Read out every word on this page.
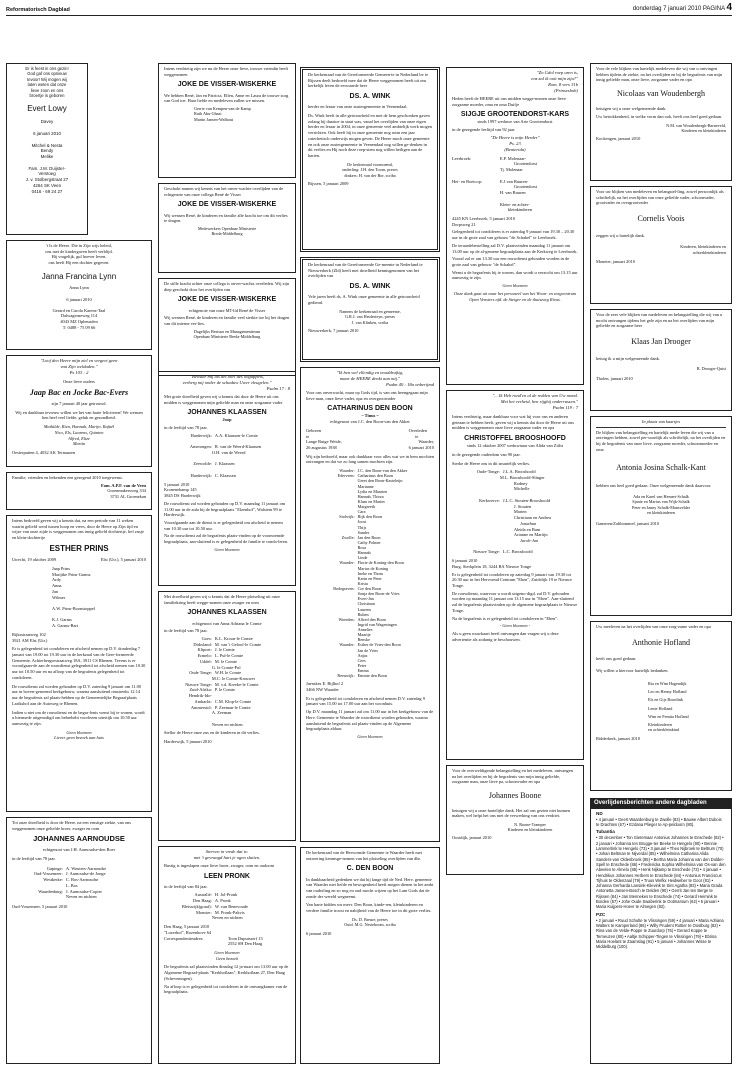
Reformatorisch Dagblad	donderdag 7 januari 2010 PAGINA 4
Er is feest in ons gezin!
God gaf ons opnieuw
tevoor! Wij mogen wij
laten weten dat onze
lieve zoon en ons
broertje is geboren
Evert Lowy
Davey
6 januari 2010
Mitchel & Nesta
Bendy
Melike
Fam. J.M. Duijster-
Verstoeg
J. v. Stolbergstraat 27
4264 SK Veen
0416 - 69 24 27
't Is de Heere. Die in Zijn wijs beleid,
ons met de kindergaven heeft verblijd.
Hij vragelijk, gul hoever leven,
ons heeft Hij een dochter gegeven.
Janna Francina Lynn
Anna Lynn
6 januari 2010
Gerard en Carola Karens-Taal
Dalwagenseweg 114
4043 MZ Opheusden
T: 0488 - 75 09 66
"Loof den Heere mijn ziel en vergeet geen
van Zijn weldaden."
Ps 103 : 2
Onze lieve ouders
Jaap Bac en Jocke Bac-Evers
zijn 7 januari 40 jaar getrouwd.
Wij en dankbaar tevreuw willen we het van harte feliciteren! We wensen hen heel veel liefde, geluk en gezondheid.
Mathilde, Rien, Hannah, Marijn, Rafaël
Nico, Els, Laurens, Quinten
Alfred, Elize
Martin
Oesterputten 4, 4032 AK Ternauzen
Familie, vrienden en bekenden een gezegend 2010 toegewenst.
Fam. A.P.F. van de Veen
Groenmakersweg 334
3731 AL Groenekan
Intens bedroefd geven wij u kennis dat, na een periode van 11 weken waarin geliefd werd tussen hoop en vrees, door de Heere op Zijn tijd en wijze van onze zijde is weggenomen ons innig geliefd dochtertje, lief zusje en klein-dochtertje
ESTHER PRINS
Utrecht, 19 oktober 2009	Elst (Utr.), 5 januari 2010
Jaap Prins
Marijtke Prins-Garms
Ardy
Anna
Jan
Wilmer

A.W. Prins-Boonstoppel

K.J. Garms
A. Garms-Bart
Rijksstraatweg 102
3921 AM Elst (Utr.)
Er is gelegenheid tot condoleren en afscheid nemen op D.V. donderdag 7 januari van 19.00 tot 19.30 uur in de kerkzaal van de Gere-formeerde Gemeente, Achterbergsestraatweg 18A, 3911 CS Rhenen. Tevens is er voorafgaan-de aan de rouwdienst gelegenheid tot afscheid nemen van 10.30 uur tot 10.50 uur en na afloop van de begrafenis gelegenheid tot condoleren.
De rouwdienst zal worden gehouden op D.V. zaterdag 9 januari om 11.00 uur in boven-genoemd kerkgebouw, waarna aansluitend omstreeks 12.14 uur de begrafenis zal plaats-hebben op de Gemeentelijke Begraafplaats Larikshof aan de Autoweg te Rhenen.
Indien u niet om de rouwdienst en de begra-fenis wenst bij te wonen, wordt u hiermede uitgenodigd om bebrehebt voorlezen uitertijk om 10.50 uur aanwezig te zijn.
Geen bloemen
Liever geen bezoek aan huis
Tot onze droefheid is door de Heere, na een ernstige ziekte, van ons weggenomen onze geliefde broer, zwager en oom
JOHANNES AARNOUDSE
echtgenoot van J.H. Aarnoudse-den Boer
in de leeftijd van 78 jaar.
Gapinge: A. Wouters-Aarnoudse
Oud-Vossemeer: J. Aarnoudse-de Jonge
Westkerke: C. Bos-Aarnoudse
L. Bos
Waardenburg: J. Aarnoudse-Copier
Neven en nichten
Oud-Vossemeer, 5 januari 2010
Intens verdrietig zijn we nu de Heere onze lieve, trouwe vriendin heeft weggenomen
JOKE DE VISSER-WISKERKE
We hebben René, Jan en Patricia, Ellen, Anne en Laura de trouwe zorg van God toe. Haar liefde en medeleven zullen we missen.
Gerrie van Kempen-van de Kamp
Ruth Abu-Ghazi
Martin Jansen-Walhout
Geschokt namen wij kennis van het onver-wachte overlijden van de echtgenote van onze collega René de Visser
JOKE DE VISSER-WISKERKE
Wij wensen René, de kinderen en familie alle kracht toe om dit verlies te dragen.
Medewerkers Openbaar Ministerie
Breda-Middelburg
De stille kracht achter onze collega is onver-wachts overleden. Wij zijn diep geschokt door het overlijden van
JOKE DE VISSER-WISKERKE
echtgenote van onze MT-lid René de Visser
Wij wensen René, de kinderen en familie veel sterkte toe bij het dragen van dit intense ver-lies.
Dagelijks Bestuur en Managementteam
Openbaar Ministerie Breda-Middelburg
"Bewaar mij als het oorl des oogappels,
verberg mij onder de schaduw Uwer vleugelen."
Psalm 17 : 8
Met grote droefheid geven wij u kennis dat door de Heere uit ons midden is weggenomen mijn geliefde man en onze zorgzame vader
JOHANNES KLAASSEN
Joop
in de leeftijd van 78 jaar.
Harderwijk: A.A. Klaassen-le Comte

Amerongen: R. van de Weerd-Klaassen
O.H. van de Weerd

Zeewolde: J. Klaassen

Harderwijk: C. Klaassen
5 januari 2010
Kronenekamp 145
3845 DS Harderwijk
De rouwdienst zal worden gehouden op D.V. maandag 11 januari om 11.00 uur in de aula bij de begraafplaats "Elzenhof", Walstein 99 te Harderwijk.
Voorafgaande aan de dienst is er gelegenheid om afscheid te nemen van 10.30 uur tot 10.50 uur.
Na de rouwdienst zal de begrafenis plaats-vinden op de voornoemde begraafplaats, aan-sluitend is er gelegenheid de familie te condo-leren.
Geen bloemen
Met droefheid geven wij u kennis dat de Heere plotseling uit onze familiekring heeft wegge-nomen onze zwager en oom
JOHANNES KLAASSEN
echtgenoot van Anna Adriana le Comte
in de leeftijd van 78 jaar.
Goes: K.L. Kroon-le Comte
Dirksland: M. van 't Geloof-le Comte
Klipoet: J. le Comte
Ermelo: L. Pul-le Comte
Uddel: M. le Comte
G. le Comte-Pul
Oude Tonge: W.H. le Comte
M.C. le Comte-Krouwer
Nieuwe Tonge: M. v.d. Kreeke-le Comte
Zuid-Afrika: P. le Comte
Hendrik-Ido-
Ambacht: C.M. Klop-le Comte
Ammerstol: P. Zeeman-le Comte
A. Zeeman

Neven en nichten
Stellor de Heere onze zus en de kinderen in dit verlies.
Harderwijk, 5 januari 2010
Sterven in vrede dat is:
met 't gevraagd hart je ogen sluiten.
Bustig is ingeslapen onze lieve broer, zwager, oom en oudoom
LEEN PRONK
in de leeftijd van 84 jaar.
Australië: H. Jol-Pronk
Den Haag: A. Pronk
Bleiswijk(graaf): W. van Benevoude
Monster: M. Pronk-Pakvis
Neven en nichten
Den Haag, 5 januari 2010
"Lozerhof", Rozenhove 64
Correspondentieadres:	Toon Dupuisserf 15
2552 SH Den Haag
Geen bloemen
Geen bezoek
De begrafenis zal plaatsvinden dinsdag 12 ja-nuari om 13.00 uur op de Algemene Begraaf-plaats "Kerkhoflaan", Kerkhoflaan 27, Den Haag (Scheveningen).
Na afloop is er gelegenheid tot condoleren in de ontvangkamer van de begraafplaats.
De kerkenraad van de Gereformeerde Gemeen-te in Nederland bv te Rijssen deelt bedroefd mee dat de Heere weggenomen heeft uit ons kerkelijk leven de eerwaarde heer
DS. A. WINK
herder en leraar van onze zustergemeente in Veenendaal.
Ds. Wink heeft in alle getrouwheid en met de hem geschonken gaven zolang hij daartoe in staat was, vanaf het overlijden van onze eigen herder en leraar in 2004, in onze gemeente veel ambtelijk werk mogen verrichten. Ook heeft hij in onze gemeente nog ruim een jaar catechetisch onderwijs mogen geven. De Heere moch onze gemeente en ook onze zustergemeente in Veenendaal nog willen ge-denken in dit verlies en Hij noch deze roep-stem nog willen heiligen aan de harten.
De kerkenraad voornoemd,
onderling: J.H. den Toorn, preses
dinkers: H. van der Bor, scriba
Rijssen, 5 januari 2009
De kerkenraad van de Gereformeerde Ge-meente in Nederland te Nieuwerkerk (Zld) heeft met droefheid kennisgenomen van het overlijden van
DS. A. WINK
Vele jaren heeft ds. A. Wink onze gemeente in alle getrouwheid gediend.
Namens de kerkenraad en gemeente,
G.R.J. van Heulesteyn, preses
J. van Klinken, scriba
Nieuwerkerk, 7 januari 2010
"Ik ben wel ellendig en nooddruftig,
maar de HEERE denkt aan mij."
Psalm 40 : 18a onberijmd
Voor ons onverwacht, maar op Gods tijd, is van ons heengegaan mijn lieve man, onze lieve vader, opa en overgrootvader
CATHARINUS DEN BOON
~ Tinus ~
echtgenoot van J.C. den Boon-van den Akker
Geboren te
Lange Ruige Weide,
26 augustus 1938
Overleden te
Waarder,
6 januari 2010
Wij zijn bedroefd, maar ook dankbaar voor alles wat we in hem mochten ontvangen en dat we zo lang samen mochten zijn.
Waarder: J.C. den Boon-van den Akker
Ederveen: Catharinus den Boon
Greet den Boon-Kasteleijn
Marianne
Lydia en Maarten
Hannah, Thirza
Klaas en Martin
Margreeth
Cara
Stolwijk: Rijk den Boon
Joost
Thijs
Sander
Zwolle: Jan den Boon
Cathy Polmer
Rosa
Hannah
Linde
Waarder: Florie de Koning-den Boon
Marius de Koning
Ineke en Thom
Karin en Peter
Krista
Bodegraven: Cor den Boon
Sonja den Boon-de Vries
Evert-Jan
Christiaan
Laurens
Ruben
Woerden: Alfred den Boon
Ingrid van Wageningen
Annelies
Maartje
Renske
Waarder: Esther de Vries-den Boon
Jan de Vries
Anjas
Cees
Peter
Emma
Reeuwijk: Emmie den Boon
Jaenskes E. Bijlhof 2
3466 NW Waarder
Er is gelegenheid tot condoleren en afscheid nemen D.V. zaterdag 9 januari van 15.00 tot 17.00 uur aan het woonhuis.
Op D.V. maandag 11 januari zal om 11.00 uur in het kerkgebouw van de Herv. Gemeente te Waarder de rouwdienst worden gehouden, waarna aansluitend de begrafenis zal plaats-vinden op de Algemene begraafplaats aldaar.
Geen bloemen
De kerkenraad van de Hervormde Gemeente te Waarder heeft met ontroering kennisge-nomen van het plotseling overlijden van dhr.
C. DEN BOON
In dankbaarheid gedenken we dat hij lange tijd de Ned. Herv. gemeente van Waarder met liefde en bewogenheid heeft mogen dienen in het ambt van ouderling en zo nog en oud mocht wijzen op het Lam Gods dat de zonde der wereld wegneemt.
Van harte bidden wu mevr. Den Boon, kinde-ren, kleinkinderen en verdere familie troost en nabijheid van de Heere toe in dit grote verlies.
Ds. D. Breure, preses
Ouid. M.G. Nesteboom, scriba
6 januari 2010
"Zo Gdol roep uren is,
enz zal ik ooit mijn ziju?"
Rom. 8 vers 31b
(Prinsesbob)
Heden heeft de HEERE uit ons midden wegge-nomen onze lieve zorgzame moeder, oma en oma Duifje
SIJGJE GROOTENDORST-KARS
sinds 1997 weduwe van Arie Grootendorst
in de gezegende leeftijd van 92 jaar.
"De Heere is mijn Herder"
Ps. 23
(Beaterida)
Leerbroek:	E.P. Molenaar-
Grootendorst
Tj. Molenaar

Hei- en Boeicop:	E.J van Buuren-
Grootendorst
H. van Buuren

Klein- en achter-
kleinkinderen
4245 KN Leerbroek, 5 januari 2010
Dorpsweg 21
Gelegenheid tot condoleren is er zaterdag 9 januari van 19.30 – 20.30 uur in de grote zaal van gebouw "de Schakel" te Leerbroek.
De teraardebestelling zal D.V. plaatsvinden maandag 11 januari om 13.00 uur op de al-gemene begraafplaats aan de Kerkweg te Leerbroek.
Vooraf zal er om 13.30 uur een rouwdienst gehouden worden in de grote zaal van gebouw "de Schakel".
Wenst u de begrafenis bij te wonen, dan wordt u verzocht om 13.15 uur aanwezig te zijn.
Geen bloemen
Onze dank gaat uit naar het personeel van het Woon- en zorgcentrum Open Vensters afd. de Steiger en de thuiszorg Rivas.
"... Ik Heb rond'en al de redden van Uw mond.
Met het verheid, hen rijghij onderrassen."
Psalm 119 : 7
Intens verdrietig, maar dankbaar voor wat hij voor ons en anderen geteaan te hebben heeft, geven wij u kennis dat door de Heere uit ons midden is weggenomen onze lieve zorgzame vader en opa
CHRISTOFFEL BROOSHOOFD
sinds 12 oktober 2007 weduwnaar van Alida van Ziilst
in de gezegende ouderdom van 90 jaar.
Sterke de Heere ons in dit smartelijk verlies.
Oude-Tonge: J.L.A. Brooshoofd
M.L. Brooshoofd-Slinger
Rodney
Michelle

Kerkwerve: J.L.C. Stouten-Brooshoofd
J. Stouten
Marien
Christiaan en Andrea
Jonathan
Aleida en Bam
Arianne en Martijn
Jacob-Jan

Nieuwe Tonge: L.C. Brooshoofd
6 januari 2010
Burg. Sterkplein 18, 3244 BA Nieuwe Tonge
Er is gelegenheid tot condoleren op zaterdag 9 januari van 19.30 tot 20.30 uur in het Hervormd Centrum "Eben", Zuidelijk 19 te Nieuwe Tonge.
De rouwdienst, waarvoor u wordt uitgeno-digd, zal D.V. gehouden worden op maandag 11 januari om 13.15 uur in "Eben". Aan-sluitend zal de begrafenis plaatsvinden op de algemene begraafplaats te Nieuwe Tonge.
Na de begrafenis is er gelegenheid tot condoleren in "Eben".
- Geen bloemen -
Als u geen rouwkaart heeft ontvangen dan vragen wij u deze advertentie als zodanig te beschouwen.
Voor de overweldigende belangstelling en het medeleven, ontvangen na het overlijden en bij de begrafenis van mijn innig geliefde, zorgzame man, onze lieve pa, schoonvader en opa
Johannes Boone
betuigen wij u onze hartelijke dank. Het zal ons gezien niet kunnen maken, wel helpt het ons met de verwerking van ons verdriet.
N. Boone-Tramper
Kinderen en kleinkinderen
Oostdijk, januari 2010
Voor de vele blijken van hartelijk medeleven die wij van u ontvingen hebben tijdens de ziekte, na het overlijden en bij de begrafenis van mijn innig geliefde man, onze lieve, zorgzame vader en opa
Nicolaas van Woudenbergh
betuigen wij u onze welgemeende dank.
Uw betrokkenheid, in welke vorm dan ook, heeft ons heel goed gedaan.
N.M. van Woudenbergh-Barneveld,
Kinderen en kleinkinderen
Kockengen, januari 2010
Voor uw blijken van medeleven en belangstel-ling, zowel persoonlijk als schriftelijk, na het overlijden van onze geliefde vader, schoonvader, grootvader en overgrootvader
Cornelis Voois
zeggen wij u hartelijk dank.
Kinderen, kleinkinderen en
achterkleinkinderen
Moneter, januari 2010
Voor de zeer vele blijken van medeleven en belangstelling die wij van u mocht ontvangen tijdens het gele zijn en na het overlijden van mijn geliefde en zorgzame heer
Klaas Jan Drooger
betuig ik u mijn welgemeende dank.
B. Drooger-Quist
Tholen, januari 2010
In plaats van kaartjes
De blijken van belangstelling en hartelijk mede-leven die wij van u ontvingen hebben, zowel per-soonlijk als schriftelijk, na het overlijden en bij de begrafenis van onze lieve, zorgzame moeder, schoonmoeder en oma
Antonia Josina Schalk-Kant
hebben ons heel goed gedaan. Onze welgemeende dank daarvoor.
Ada en Karel van Hemert-Schalk
Sjanie en Marius van Wijk-Schalk
Peter en Janny Schalk-Mansvelder
en kleinkinderen
Gameren/Zaltbommel, januari 2010
Uw meeleven na het overlijden van onze zorg-zame vader en opa
Anthonie Hofland
heeft ons goed gedaan.
Wij willen u hiervoor hartelijk bedanken.
Ria en Wim Hagendijk
Leo en Henny Hofland
Els en Gijs Boonlink
Lenie Hofland
Wim en Femita Hofland
Kleinkinderen
en achterkleinkind
Ridderkerk, januari 2010
Overlijdensberichten andere dagbladen
ND
• 4 januari • Geert Waardenburg te Zwolle (83) • Bauwe Albert Dubois te Drachten (67) • Ezdana Plieger te Ap-peldoorn (80).
Tubantia
• 30 december • Ton Gietemaar Antonius Johannes te Enschede (82) • 2 januari • Johanna ten Brugge-ter Beeke te Hengelo (90) • Bennie Lammertink te Hengelo (73) • 3 januari • Theo Nijbroek te Beltrum (70) • Johan Beltman te Nijverdal (85) • Wilhelmina Catharina Alida Sanders-van Oldenbroek (85) • Bertha Maria Johanna van den Dolder-Spell te Enschede (86) • Fredericka Sophia Wilhelmina van Os-van den Abeelen te Almelo (85) • Henk Nijkamp te Enschede (73) • 4 januari • Hendrikus Johannes Herbers te Enschede (84) • Antonius Franciscus Tijhuis te Oldenzaal (79) • Truus Wefkx Heidweber te Goor (81) • Johanna Gerharda Lansink-Klievink te Sint Agatha (83) • Maria Grada Antonetta Jansen-Bosch te Delden (90) • Gerrit Jan ten Berge te Rijssen (84) • Jan Mennekes te Enschede (74) • Gerard Heimink te Borden (57) • Johe Oude Swaberink te Ootmarsum (62) • 5 januari • Maria Kuijpers-Hoevr te Almegen (82).
PZC
• 2 januari • Ruud Schulte te Vlissingen (59) • 4 januari • Maria Adriana Walters te Kamperland (86) • Willy Prudent Rottier te Oostburg (82) • Rina van de Velde-Poppe te Zuurdorp (76) • Gerard Koppe te Terneuzen (80) • Aaltje Schipper-Tingen te Vlissingen (79) • Ebrina Maria Hoelant te Zaamslag (91) • 5 januari • Johannes Wisse te Middelburg (100).
